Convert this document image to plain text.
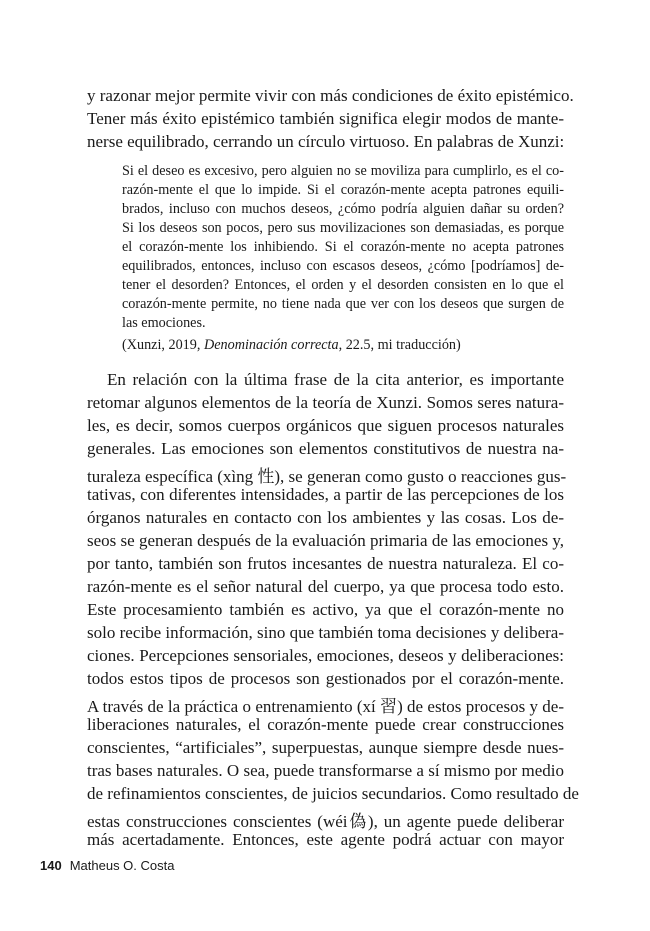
y razonar mejor permite vivir con más condiciones de éxito epistémico.
Tener más éxito epistémico también significa elegir modos de mante-
nerse equilibrado, cerrando un círculo virtuoso. En palabras de Xunzi:
Si el deseo es excesivo, pero alguien no se moviliza para cumplirlo, es el co-
razón-mente el que lo impide. Si el corazón-mente acepta patrones equili-
brados, incluso con muchos deseos, ¿cómo podría alguien dañar su orden?
Si los deseos son pocos, pero sus movilizaciones son demasiadas, es porque
el corazón-mente los inhibiendo. Si el corazón-mente no acepta patrones
equilibrados, entonces, incluso con escasos deseos, ¿cómo [podríamos] de-
tener el desorden? Entonces, el orden y el desorden consisten en lo que el
corazón-mente permite, no tiene nada que ver con los deseos que surgen de
las emociones.
(Xunzi, 2019, Denominación correcta, 22.5, mi traducción)
En relación con la última frase de la cita anterior, es importante
retomar algunos elementos de la teoría de Xunzi. Somos seres natura-
les, es decir, somos cuerpos orgánicos que siguen procesos naturales
generales. Las emociones son elementos constitutivos de nuestra na-
turaleza específica (xìng 性), se generan como gusto o reacciones gus-
tativas, con diferentes intensidades, a partir de las percepciones de los
órganos naturales en contacto con los ambientes y las cosas. Los de-
seos se generan después de la evaluación primaria de las emociones y,
por tanto, también son frutos incesantes de nuestra naturaleza. El co-
razón-mente es el señor natural del cuerpo, ya que procesa todo esto.
Este procesamiento también es activo, ya que el corazón-mente no
solo recibe información, sino que también toma decisiones y delibera-
ciones. Percepciones sensoriales, emociones, deseos y deliberaciones:
todos estos tipos de procesos son gestionados por el corazón-mente.
A través de la práctica o entrenamiento (xí 習) de estos procesos y de-
liberaciones naturales, el corazón-mente puede crear construcciones
conscientes, “artificiales”, superpuestas, aunque siempre desde nues-
tras bases naturales. O sea, puede transformarse a sí mismo por medio
de refinamientos conscientes, de juicios secundarios. Como resultado de
estas construcciones conscientes (wéi偽), un agente puede deliberar
más acertadamente. Entonces, este agente podrá actuar con mayor
140 Matheus O. Costa
